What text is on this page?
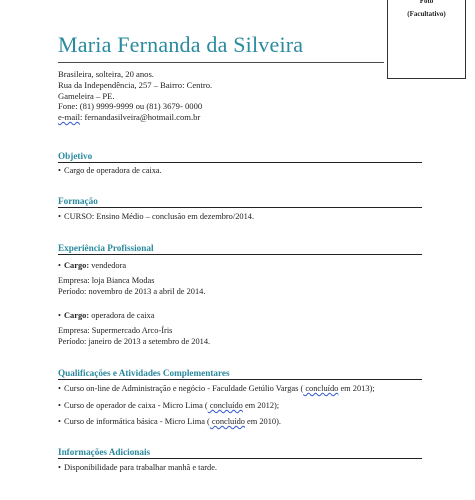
Foto
(Facultativo)
Maria Fernanda da Silveira
Brasileira, solteira, 20 anos.
Rua da Independência, 257 – Bairro: Centro.
Gameleira – PE.
Fone: (81) 9999-9999 ou (81) 3679- 0000
e-mail: fernandasilveira@hotmail.com.br
Objetivo
• Cargo de operadora de caixa.
Formação
• CURSO: Ensino Médio – conclusão em dezembro/2014.
Experiência Profissional
• Cargo: vendedora
Empresa: loja Bianca Modas
Período: novembro de 2013 a abril de 2014.
• Cargo: operadora de caixa
Empresa: Supermercado Arco-Íris
Período: janeiro de 2013 a setembro de 2014.
Qualificações e Atividades Complementares
• Curso on-line de Administração e negócio - Faculdade Getúlio Vargas ( concluído em 2013);
• Curso de operador de caixa - Micro Lima ( concluído em 2012);
• Curso de informática básica - Micro Lima ( concluído em 2010).
Informações Adicionais
• Disponibilidade para trabalhar manhã e tarde.
